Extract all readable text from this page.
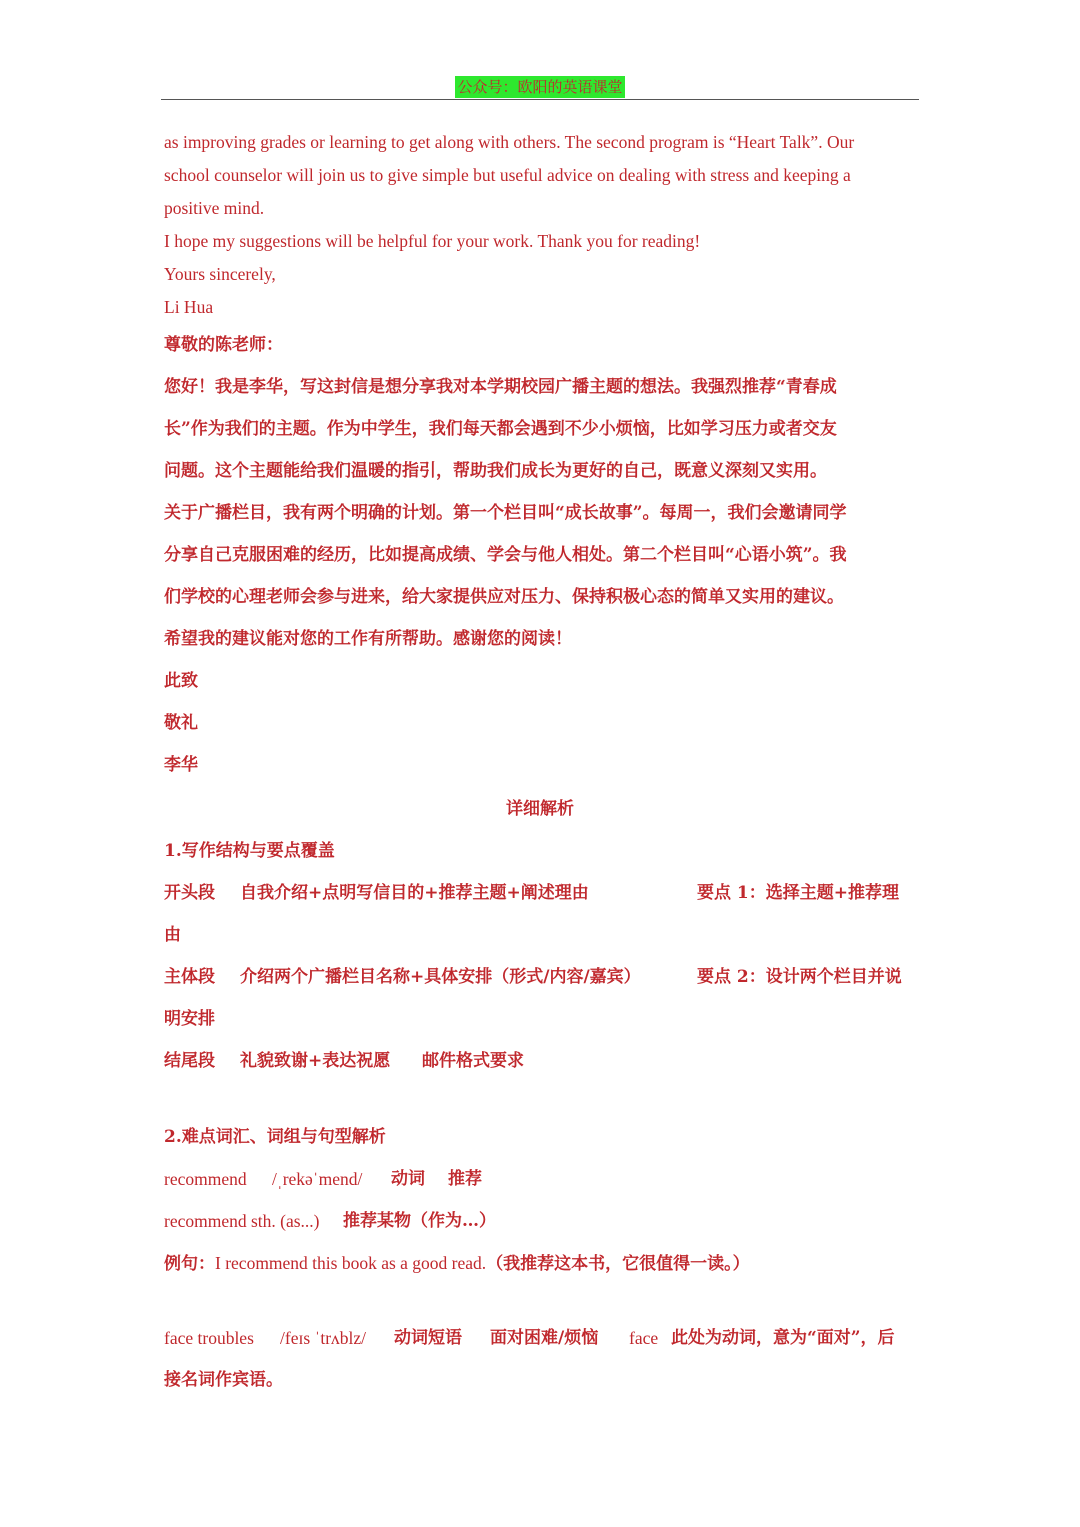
公众号：欧阳的英语课堂
as improving grades or learning to get along with others. The second program is “Heart Talk”. Our
school counselor will join us to give simple but useful advice on dealing with stress and keeping a
positive mind.
I hope my suggestions will be helpful for your work. Thank you for reading!
Yours sincerely,
Li Hua
尊敬的陈老师：
您好！我是李华，写这封信是想分享我对本学期校园广播主题的想法。我强烈推荐“青春成
长”作为我们的主题。作为中学生，我们每天都会遇到不少小烦恼，比如学习压力或者交友
问题。这个主题能给我们温暖的指引，帮助我们成长为更好的自己，既意义深刻又实用。
关于广播栏目，我有两个明确的计划。第一个栏目叫“成长故事”。每周一，我们会邀请同学
分享自己克服困难的经历，比如提高成绩、学会与他人相处。第二个栏目叫“心语小筑”。我
们学校的心理老师会参与进来，给大家提供应对压力、保持积极心态的简单又实用的建议。
希望我的建议能对您的工作有所帮助。感谢您的阅读！
此致
敬礼
李华
详细解析
1.写作结构与要点覆盖
开头段 自我介绍+点明写信目的+推荐主题+阐述理由	要点 1：选择主题+推荐理
由
主体段 介绍两个广播栏目名称+具体安排（形式/内容/嘉宾）	要点 2：设计两个栏目并说
明安排
结尾段 礼貌致谢+表达祝愿 邮件格式要求
2.难点词汇、词组与句型解析
recommend /ˌrekəˈmend/ 动词 推荐
recommend sth. (as...) 推荐某物（作为…）
例句：I recommend this book as a good read.（我推荐这本书，它很值得一读。）
face troubles /feɪs ˈtrʌblz/ 动词短语 面对困难/烦恼 face 此处为动词，意为“面对”，后
接名词作宾语。
